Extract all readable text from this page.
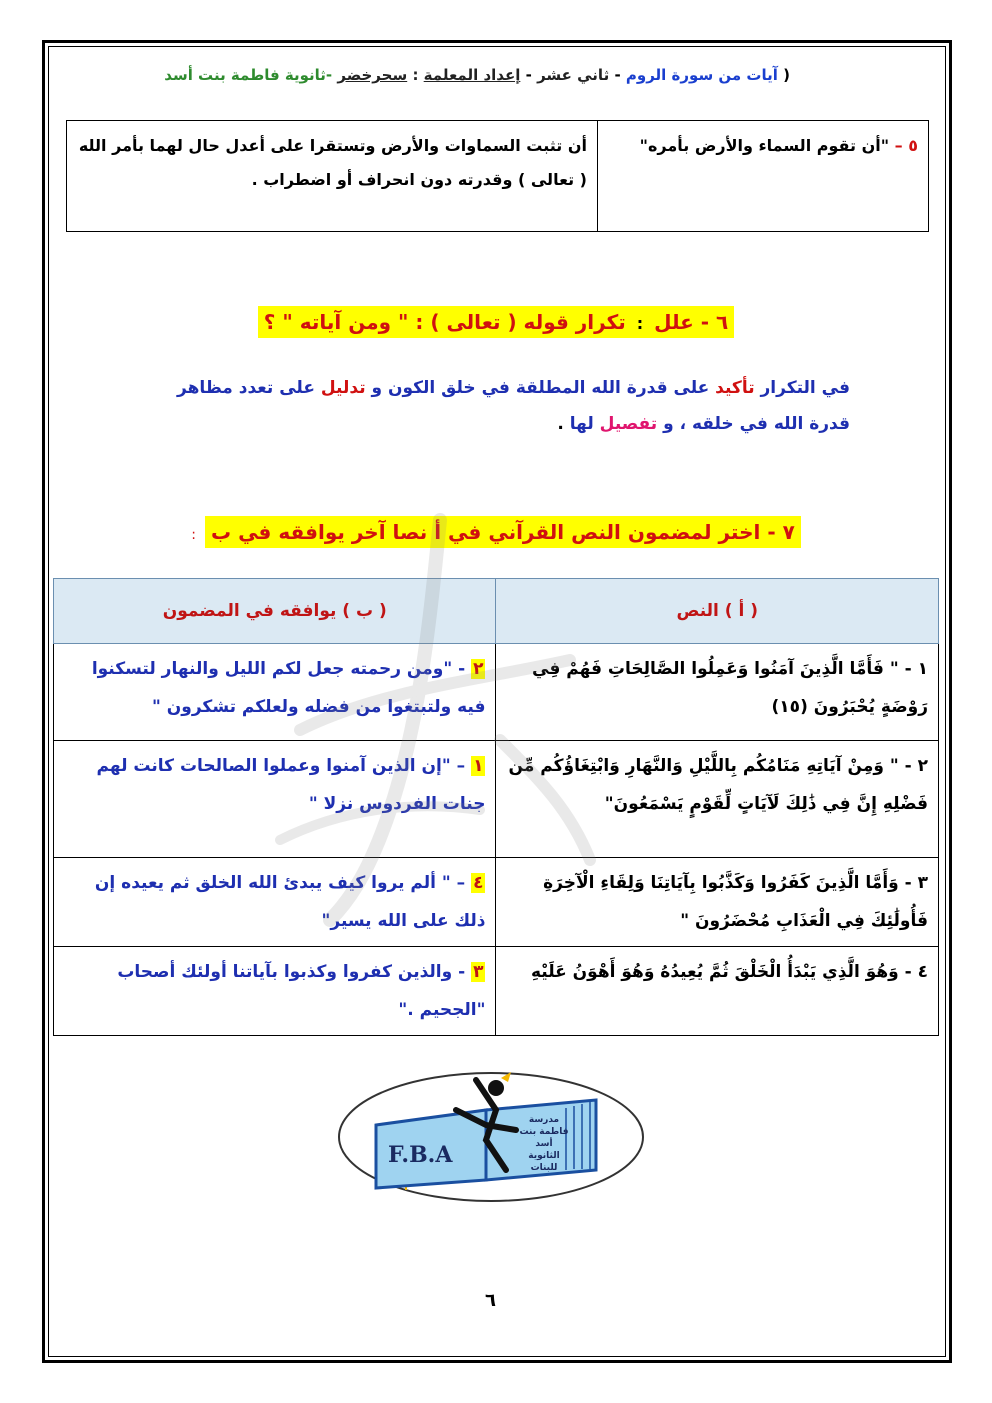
( آيات من سورة الروم - ثاني عشر - إعداد المعلمة : سحرخضر -ثانوية فاطمة بنت أسد
٥ – "أن تقوم السماء والأرض بأمره"	أن تثبت السماوات والأرض وتستقرا على أعدل حال لهما بأمر الله ( تعالى ) وقدرته دون انحراف أو اضطراب .
٦ - علل : تكرار قوله ( تعالى ) : " ومن آياته " ؟
في التكرار تأكيد على قدرة الله المطلقة في خلق الكون و تدليل على تعدد مظاهر قدرة الله في خلقه ، و تفصيل لها .
٧ - اختر لمضمون النص القرآني في أ نصا آخر يوافقه في ب :
( أ ) النص	( ب ) يوافقه في المضمون
١ - " فَأَمَّا الَّذِينَ آمَنُوا وَعَمِلُوا الصَّالِحَاتِ فَهُمْ فِي رَوْضَةٍ يُحْبَرُونَ (١٥)	٢ - "ومن رحمته جعل لكم الليل والنهار لتسكنوا فيه ولتبتغوا من فضله ولعلكم تشكرون "
٢ - " وَمِنْ آيَاتِهِ مَنَامُكُم بِاللَّيْلِ وَالنَّهَارِ وَابْتِغَاؤُكُم مِّن فَضْلِهِ إِنَّ فِي ذَٰلِكَ لَآيَاتٍ لِّقَوْمٍ يَسْمَعُونَ"	١ – "إن الذين آمنوا وعملوا الصالحات كانت لهم جنات الفردوس نزلا "
٣ - وَأَمَّا الَّذِينَ كَفَرُوا وَكَذَّبُوا بِآيَاتِنَا وَلِقَاءِ الْآخِرَةِ فَأُولَٰئِكَ فِي الْعَذَابِ مُحْضَرُونَ "	٤ – " ألم يروا كيف يبدئ الله الخلق ثم يعيده إن ذلك على الله يسير"
٤ - وَهُوَ الَّذِي يَبْدَأُ الْخَلْقَ ثُمَّ يُعِيدُهُ وَهُوَ أَهْوَنُ عَلَيْهِ	٣ - والذين كفروا وكذبوا بآياتنا أولئك أصحاب "الجحيم ."
F.B.A
مدرسة
فاطمة بنت
أسد
الثانوية
للبنات
٦
